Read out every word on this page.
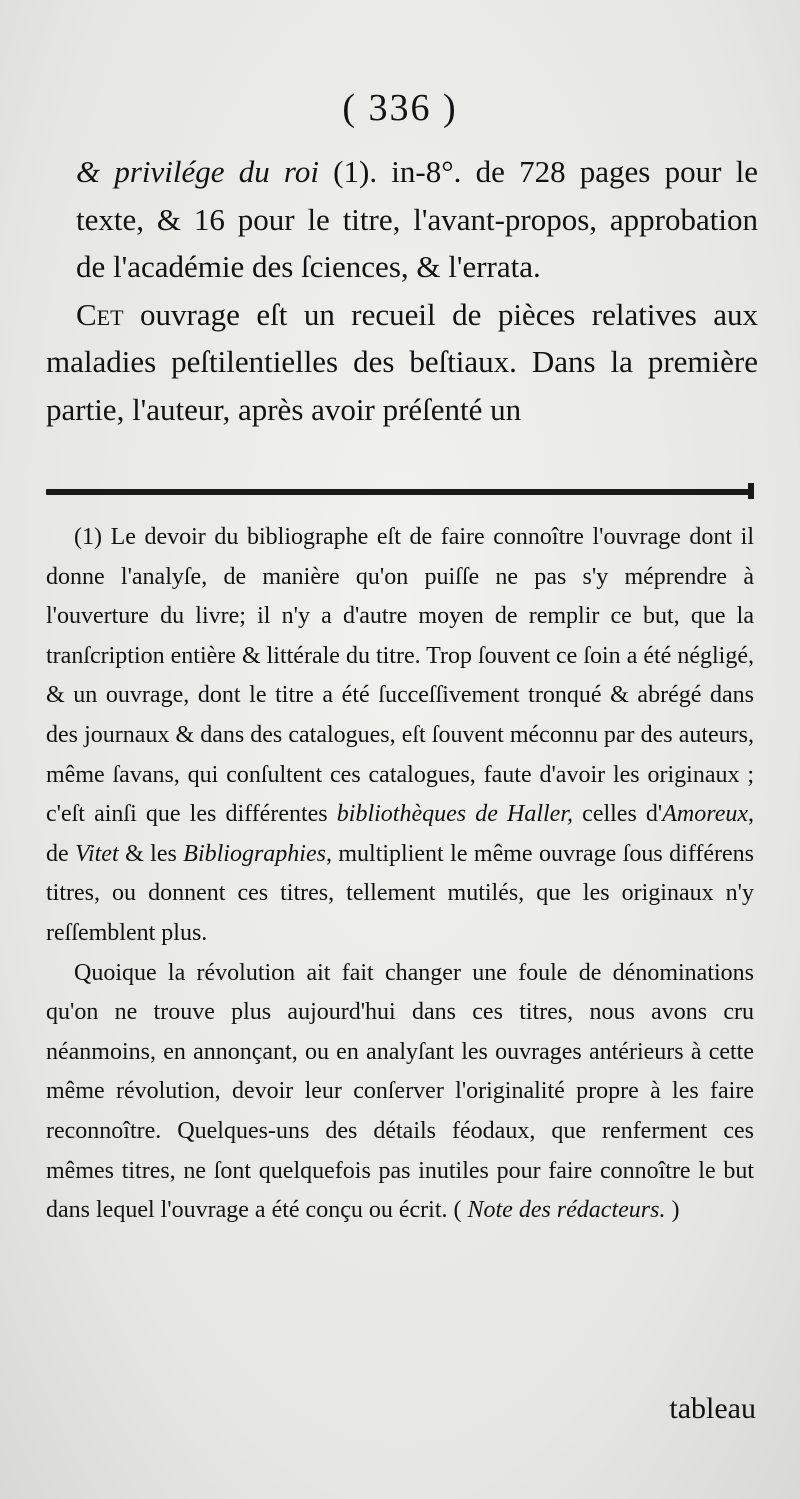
( 336 )

& privilége du roi (1). in-8°. de 728 pages pour le texte, & 16 pour le titre, l'avant-propos, approbation de l'académie des ſciences, & l'errata.

Cet ouvrage eſt un recueil de pièces relatives aux maladies peſtilentielles des beſtiaux. Dans la première partie, l'auteur, après avoir préſenté un

(1) Le devoir du bibliographe eſt de faire connoître l'ouvrage dont il donne l'analyſe, de manière qu'on puiſſe ne pas s'y méprendre à l'ouverture du livre; il n'y a d'autre moyen de remplir ce but, que la tranſcription entière & littérale du titre. Trop ſouvent ce ſoin a été négligé, & un ouvrage, dont le titre a été ſucceſſivement tronqué & abrégé dans des journaux & dans des catalogues, eſt ſouvent méconnu par des auteurs, même ſavans, qui conſultent ces catalogues, faute d'avoir les originaux ; c'eſt ainſi que les différentes bibliothèques de Haller, celles d'Amoreux, de Vitet & les Bibliographies, multiplient le même ouvrage ſous différens titres, ou donnent ces titres, tellement mutilés, que les originaux n'y reſſemblent plus.

Quoique la révolution ait fait changer une foule de dénominations qu'on ne trouve plus aujourd'hui dans ces titres, nous avons cru néanmoins, en annonçant, ou en analyſant les ouvrages antérieurs à cette même révolution, devoir leur conſerver l'originalité propre à les faire reconnoître. Quelques-uns des détails féodaux, que renferment ces mêmes titres, ne ſont quelquefois pas inutiles pour faire connoître le but dans lequel l'ouvrage a été conçu ou écrit. ( Note des rédacteurs. )

tableau
